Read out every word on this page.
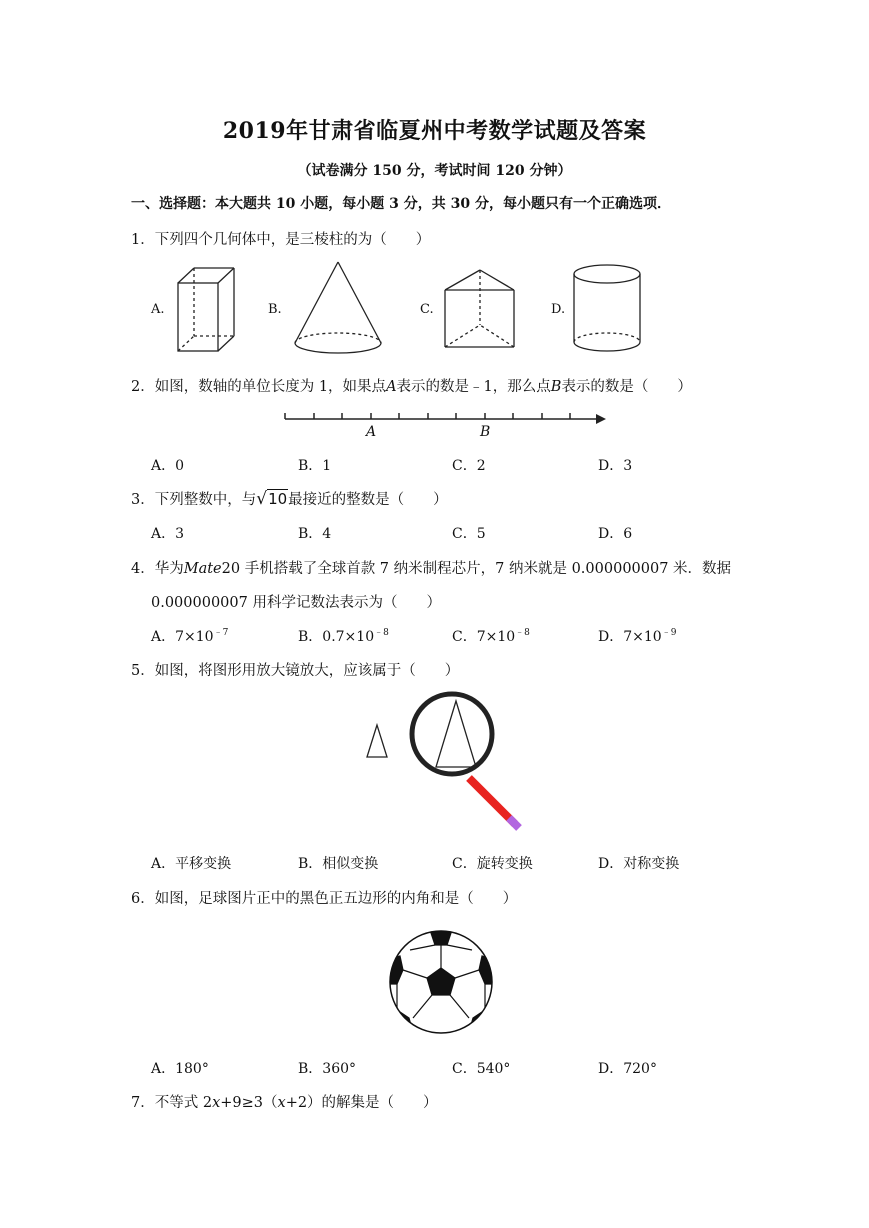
2019年甘肃省临夏州中考数学试题及答案
（试卷满分 150 分，考试时间 120 分钟）
一、选择题：本大题共 10 小题，每小题 3 分，共 30 分，每小题只有一个正确选项．
1．下列四个几何体中，是三棱柱的为（　　）
A.	B.	C.	D.
2．如图，数轴的单位长度为 1，如果点A表示的数是﹣1，那么点B表示的数是（　　）
A	B
A．0	B．1	C．2	D．3
3．下列整数中，与√10最接近的整数是（　　）
A．3	B．4	C．5	D．6
4．华为Mate20 手机搭载了全球首款 7 纳米制程芯片，7 纳米就是 0.000000007 米．数据
0.000000007 用科学记数法表示为（　　）
A．$7\times 10^{﹣7}$	B．$0.7\times 10^{﹣8}$	C．$7\times 10^{﹣8}$	D．$7\times 10^{﹣9}$
5．如图，将图形用放大镜放大，应该属于（　　）
A．平移变换	B．相似变换	C．旋转变换	D．对称变换
6．如图，足球图片正中的黑色正五边形的内角和是（　　）
A．180°	B．360°	C．540°	D．720°
7．不等式 2x+9≥3（x+2）的解集是（　　）
